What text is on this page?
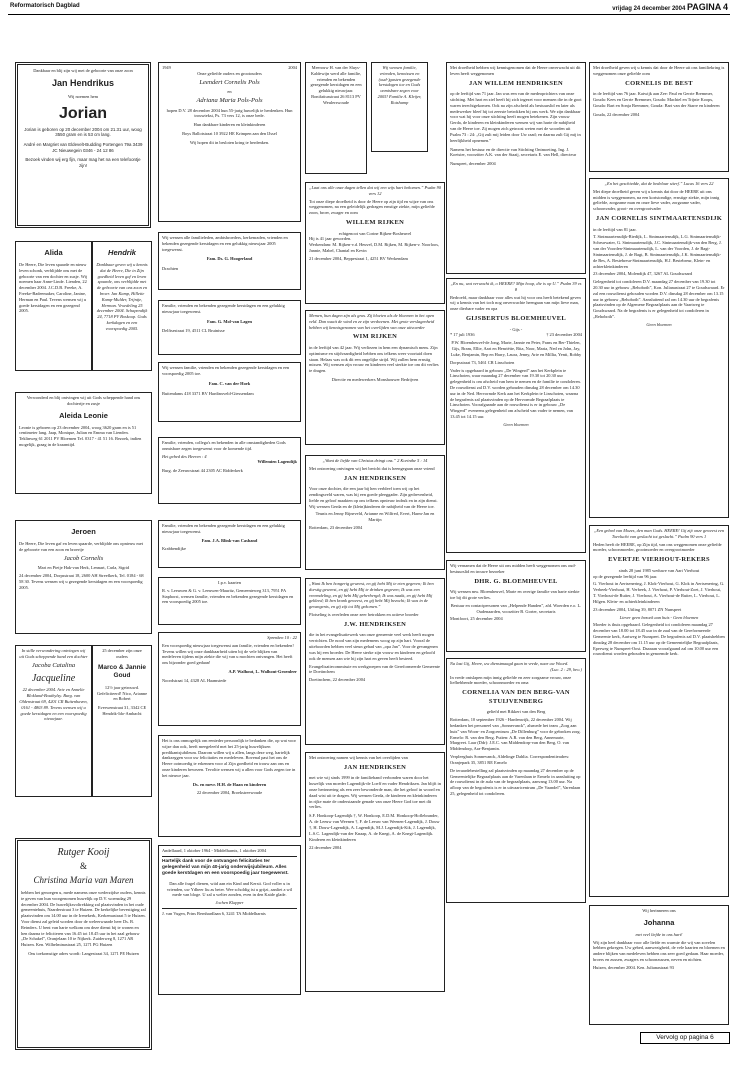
Reformatorisch Dagblad	vrijdag 24 december 2004 PAGINA 4
Dankbaar en blij zijn wij met de geboorte van onze zoon
Jan Hendrikus
Wij noemen hem
Jorian
Jorian is geboren op 20 december 2004 om 21.31 uur, woog 3550 gram en is 53 cm lang.
André en Margriet van Eldevelt-Budding Portengen 79a 3439 JC Nieuwegein 0346 - 24 12 86
Bezoek vinden wij erg fijn, maar mag het na een telefoontje zijn!
1949	2004
Onze geliefde ouders en grootouders
Leendert Cornelis Pols
en
Adriana Maria Pols-Pols
hopen D.V. 28 december 2004 hun 55-jarig huwelijk te herdenken. Hun trouwtekst, Ps. 73 vers 12, is onze bede.
Hun dankbare kinderen en kleinkinderen
Boys Ballotstraat 10 3922 HE Krimpen aan den IJssel
Wij hopen dit in besloten kring te herdenken.
Meerouw H. van der Sluys-Kaldewijn werd alle familie, vrienden en bekenden gezegende kerstdagen en een gelukkig nieuwjaar. Bonifatiusstraat 26 8113 PV Weulerswoude
Wij wensen familie, vrienden, kennissen en (oud-)gasten gezegende kerstdagen toe en Gods onmisbare zegen voor 2005! Familie A. Kleijer, Rotshamp
Met droefheid hebben wij kennisgenomen dat de Heere onverwacht uit dit leven heeft weggenomen
JAN WILLEM HENDRIKSEN
op de leeftijd van 71 jaar. Jan was een van de medeoprichters van onze stichting. Met hart en ziel heeft hij zich ingezet voor mensen die in de goot waren terechtgekomen. Ook na zijn afscheid als bestuurslid en later als medewerker bleef hij tot zeerste betrokken bij ons werk. We zijn dankbaar voor wat hij voor onze stichting heeft mogen betekenen. Zijn vrouw Gerda, de kinderen en kleinkinderen wensen wij van harte de nabijheid van de Heere toe. Zij mogen zich getroost weten met de woorden uit Psalm 73 : 24: „Gij zult mij leiden door Uw raad; en daarna zult Gij mij in heerlijkheid opnemen.”
Namens het bestuur en de directie van Stichting Ontmoeting, Ing. J. Koetsier, voorzitter A.K. van der Staaij, secretaris E. van Hell, directeur
Nunspeet, december 2004
Met droefheid geven wij u kennis dat door de Heere uit ons familiekring is weggenomen onze geliefde oom
CORNELIS DE BEST
in de leeftijd van 76 jaar. Katwijk aan Zee: Paul en Gerrie Bremmer, Gouda: Kees en Gerrie Bremmer, Gouda: Machiel en Trijnie Koops, Gouda: Bart en Sonja Bremmer, Gouda: Bart van der Starre en kinderen
Gouda, 22 december 2004
Alida
De Heere, Die leven spaarde en nieuw leven schonk, verblijdde ons met de geboorte van een dochter en zusje. Wij noemen haar Anne-Linde. Lienden, 22 december 2004. J.C.D.B. Freeke, A. Freeke-Badeemaker, Caroline, Janine, Herman en Paul. Tevens wensen wij u goede kerstdagen en een gezegend 2005.
Hendrik
Dankbaar geven wij u kennis dat de Heere, Die in Zijn goedheid leven gaf en leven spaarde, ons verblijdde met de geboorte van ons zoon en broer. Jan Kamp, Hilletie Kamp-Mulder, Trijntje, Herman. Vroedeling 25 december 2004. Schapendijk 24, 7718 PV Boskoop. Gods kerkdagen en een voorspoedig 2005.
Wij wensen alle familieleden, ambtsbroeders, kerkenraden, vrienden en bekenden gezegende kerstdagen en een gelukkig nieuwjaar 2005 toegewenst.
Fam. Ds. G. Hoogerland
Drachten
Familie, vrienden en bekenden gezegende kerstdagen en een gelukkig nieuwjaar toegewenst.
Fam. G. Mol-van Lagen
Delftsestraat 19, 4511 CL Bruinisse
Wij wensen familie, vrienden en bekenden gezegende kerstdagen en een voorspoedig 2005 toe.
Fam. C. van der Hoek
Buitendams 418 3371 BV Hardinxveld-Giessendam
„Laat ons alle onze dagen tellen dat wij een wijs hart bekomen.” Psalm 90 vers 12
Tot onze diepe droefheid is door de Heere op zijn tijd en wijze van ons weggenomen, na een geleidelijk gedragen ernstige ziekte, mijn geliefde zoon, broer, zwager en oom
WILLEM RIJKEN
echtgenoot van Corine Rijken-Bosheuvel
Hij is 41 jaar geworden.
Werkendam: M. Rijken-v.d. Heuvel, D.M. Rijken, M. Rijken-v. Noorloos, Jannie, Mabel, Chantal en Kevin
21 december 2004, Beppestraat 1, 4251 BV Werkendam
Verwonderd en blij ontvingen wij uit Gods scheppende hand ons dochtertje en zusje
Aleida Leonie
Leonie is geboren op 23 december 2004, woog 3620 gram en is 51 centimeter lang. Jaap, Monique, Julian en Emma van Lienden. Teklinweg 61 2011 PV Bloemen Tel. 0317 - 41 51 16. Bezoek, indien mogelijk, graag in de kraamtijd.	Familie, vrienden, collega's en bekenden in alle omstandigheden Gods onmisbare zegen toegewenst voor de komende tijd.
Het gebed des Heeren : 4
Willemien Lagendijk
Burg. de Zeeuwstraat 44 2305 AC Ridderkerk
Memen, hun dagen zijn als gras. Zij bloeien als de bloemen in het open veld. Dan waait de wind en ze zijn verdwenen. Met grote verslagenheid hebben wij kennisgenomen van het overlijden van onze uitvoerder
WIM RIJKEN
in de leeftijd van 42 jaar. Wij verliezen in hem een dynamisch mens. Zijn optimisme en stijdvaardigheid hebben ons telkens weer voortuid doen staan. Helaas was ook dit een ongelijke strijd. Wij zullen hem ernstig missen. Wij wensen zijn vrouw en kinderen veel sterkte toe om dit verlies te dragen.
Directie en medewerkers Monshouwer Bedrijven
Jeroen
De Heere, Die leven gaf en leven spaarde, verblijdde ons opnieuw met de geboorte van een zoon en broertje
Jacob Cornelis
Mari en Pietje Hak-van Herk, Lennart, Carla, Sigrid
24 december 2004, Dorpsstraat 18, 2600 AH Streefkerk, Tel. 0184 - 68 58 30. Tevens wensen wij u gezegende kerstdagen en een voorspoedig 2005.
Familie, vrienden en bekenden gezegende kerstdagen en een gelukkig nieuwjaar toegewenst.
Fam. J.A. Blink-van Casband
Krabbendijke
I.p.v. kaarten
R. v. Leeuwen & G. v. Leeuwen-Mauritz, Gemeenteweg 313, 7951 PA Staphorst, wensen familie, vrienden en bekenden gezegende kerstdagen en een voorspoedig 2005 toe.
„Want de liefde van Christus dringt ons.” 2 Korinthe 5 : 14
Met ontroering ontvingen wij het bericht dat is heengegaan onze vriend
JAN HENDRIKSEN
Voor onze dochter, die een jaar bij hen verbleef toen wij op het zendingsveld waren, was hij een goede pleeggader. Zijn gedrevenheid, liefde en geloof maakten op ons telkens opnieuw indruk en in zijn dienst. Wij wensen Gerda en de (klein)kinderen de nabijheid van de Heere toe.
Teunis en Jenny Rijneveld, Arianne en Wilfred, Evert, Harm-Jan en Martijn
Rotterdam, 23 december 2004
„En nu, wat verwacht ik, o HEERE? Mijn hoop, die is op U.” Psalm 39 vs 8
Bedroefd, maar dankbaar voor alles wat hij voor ons heeft betekend geven wij u kennis van het toch nog onverwachte heengaan van mijn lieve man, onze dierbare vader en opa
GIJSBERTUS BLOEMHEUVEL
- Gijs -
* 17 juli 1936	† 23 december 2004
P.W. Bloemheuvel-de Jong, Marie, Jannie en Peter, Frans en Ber-Thielen, Gijs, Bram, Ellie, Aart en Henriëtte, Rita, Noor, Maria, Ned en John, Jay, Luke, Benjamin, Bep en Harry, Laura, Jenny, Arie en Millia, Yenti, Robby
Dorpsstraat 73, 5461 CR Linschoten
Vader is opgebaard in gebouw „De Wingerd” aan het Kerkplein te Linschoten, waar maandag 27 december van 19.30 tot 20.30 uur gelegenheid is om afscheid van hem te nemen en de familie te condoleren. De rouwdienst zal D.V. worden gehouden dinsdag 28 december om 14.30 uur in de Ned. Hervormde Kerk aan het Kerkplein te Linschoten, waarna de begrafenis zal plaatsvinden op de Hervormde Begraafplaats te Linschoten. Voorafgaande aan de rouwdienst is er in gebouw „De Wingerd” eveneens gelegenheid om afscheid van vader te nemen, van 13.45 tot 14.15 uur.
Geen bloemen
„En het geschiedde, dat de bedelaar stierf.” Lucas 16 vers 22
Met diepe droefheid geven wij u kennis dat door de HEERE uit ons midden is weggenomen, na een kortstondige, ernstige ziekte, mijn innig geliefde, zorgzame man en onze lieve vader, zorgzame vader, schoonvader, groot- en overgrootvader
JAN CORNELIS SINTMAARTENSDIJK
in de leeftijd van 81 jaar.
T. Sintmaartensdijk-Riedijk, L. Sintmaartensdijk, L.G. Sintmaartensdijk-Scheurwater, G. Sintmaartensdijk, J.C. Sintmaartensdijk-van den Berg, J. van der Voorden-Sintmaartensdijk, L. van der Voorden, J. de Bagt-Sintmaartensdijk, J. de Bagt, B. Sintmaartensdijk, J.K. Sintmaartensdijk-de Bes, A. Bestebreur-Sintmaartensdijk, H.J. Bestebreur, Klein- en achterkleinkinderen
23 december 2004, Molendijk 47, 3267 AL Goudswaard
Gelegenheid tot condoleren D.V. maandag 27 december van 19.30 tot 20.30 uur in gebouw „Rehoboth”, Kon. Julianastraat 27 te Goudswaard. Er zal een rouwdienst gehouden worden D.V. dinsdag 28 december om 13.15 uur in gebouw „Rehoboth”. Aansluitend zal om 14.30 uur de begrafenis plaatsvinden op de Algemene Begraafplaats aan de Vaartweg te Goudswaard. Na de begrafenis is er gelegenheid tot condoleren in „Rehoboth”.
Geen bloemen
„Want Ik ben hongerig geweest, en gij hebt Mij te eten gegeven; Ik ben dorstig geweest, en gij hebt Mij te drinken gegeven; Ik was een vreemdeling, en gij hebt Mij geherbergd; Ik was naakt, en gij hebt Mij gekleed; Ik ben krank geweest, en gij hebt Mij bezocht; Ik was in de gevangenis, en gij zijt tot Mij gekomen.”
Plotseling is overleden onze zeer betrokken en actieve broeder
J.W. HENDRIKSEN
die in het evangelisatiewerk van onze gemeente veel werk heeft mogen verrichten. De nood van zijn medemens woog op zijn hart. Vooral de uiteboorden hebben veel steun gehad van „opa Jan”. Voor de gevangenen was hij een broeder. De Heere sterke zijn vrouw en kinderen en geloofd ook de mensen aan wie hij zijn hart en geven heeft besteed.
Evangelisatiecommissie en werkgroepen van de Gereformeerde Gemeente te Doetinchem
Doetinchem, 22 december 2004
Sprenken 10 : 22
Een voorspoedig nieuwjaar toegewenst aan familie, vrienden en bekenden! Tevens willen wij onze dankbaarheid uiten bij de vele blijken van medeleven tijdens mijn ziekte die wij van u mochten ontvangen. Het heeft ons bijzonder goed gedaan!
A.P. Walhout, L. Walhout-Groenleer
Noordstraat 14, 4328 AL Haamstede
Wij vernamen dat de Heere uit ons midden heeft weggenomen ons oud-bestuurslid en trouwe bezoeker
DHR. G. BLOEMHEUVEL
Wij wensen mw. Bloemheuvel, Marie en overige familie van harte sterkte toe bij dit grote verlies.
Bestuur en contactpersonen van „Helpende Handen”, afd. Woerden e.o. L. Oudenaarden, voorzitter B. Gorter, secretaris
Montfoort, 25 december 2004
In stille verwondering ontvingen wij uit Gods scheppende hand een dochter
Jacoba Catalina
Jacqueline
22 december 2004. Arie en Annelie Blokland-Bouthylsy. Burg. van Oldenstraat 69, 4201 CR Buitenhaven, 0161 - 4803 89. Tevens wensen wij u goede kerstdagen en een voorspoedig nieuwjaar.
25 december zijn onze ouders
Marco & Jannie Goud
12½ jaar getrouwd. Gefeliciteerd! Nico, Arianne en Robert
Everwenstraat 31, 3342 CE Hendrik-Ido-Ambacht
Het is ons onmogelijk om eenieder persoonlijk te bedanken die, op wat voor wijze dan ook, heeft meegeleefd met het 25-jarig huwelijksen predikantsjubileum. Daarom willen wij u allen, langs deze weg, hartelijk dankzeggen voor uw felicitaties en medeleven. Bovenal past het ons de Heere ootmoedig te erkennen voor al Zijn goedheid en trouw aan ons en onze kinderen bewezen. Tevoltte wensen wij u allen voor Gods zegen toe in het nieuwe jaar.
Ds. en mevr. H.H. de Haan en kinderen
22 december 2004, Broekstreewoude
Met ontroering namen wij kennis van het overlijden van
JAN HENDRIKSEN
met wie wij sinds 1999 in de familieband verbonden waren door het huwelijk van moeder Lagendijk-de Loeff en vader Hendriksen. Jan blijft in onze herinnering als een zeer bewonderde man, die het geloof in woord en daad wist uit te dragen. Wij wensen Gerda, de kinderen en kleinkinderen in rijke mate de onderstaande genade van onze Heere God toe met dit verlies.
S.F. Honkoop-Lagendijk †, W. Honkoop, E.D.M. Honkoop-Hoflebrander, A. de Leeuw van Weenen †, F. de Leeuw van Weenen-Lagendijk, J. Douw †, H. Douw-Lagendijk, A. Lagendijk, M.J. Lagendijk-Kik, J. Lagendijk, L.S.C. Lagendijk-van der Knaap, A. de Knegt, A. de Knegt-Lagendijk. Kinderen en kleinkinderen
22 december 2004
Na last Gij, Heere, uw dienstmaagd gaan in vrede, naar uw Woord.
(Luc. 2 : 29, beo.)
In vrede ontslapen mijn innig geliefde en zeer zorgzame vrouw, onze liefhebbende moeder, schoonmoeder en oma
CORNELIA VAN DEN BERG-VAN STUIJVENBERG
geliefd met Rikkert van den Berg
Rotterdam, 10 september 1926 - Hardenwijk, 22 december 2004. Wij bedanken het personeel van „Sonnevanck”, alsmede het team „Zorg aan huis” van Woon- en Zorgcentrum „De Dillenburg” voor de gebroken zorg. Ermelo: R. van den Berg. Putten: A.R. van den Berg, Annemarie, Margreet. Laar (Ddr): J.E.C. van Middendorp-van den Berg, O. van Middendorp, Ara-Benjamin.
Verpleeghuis Sonnevanck, Aldelinge Dahlia. Correspondentieadres: Oranjepark 35, 3851 RE Ermelo
De teraardebestelling zal plaatsvinden op maandag 27 december op de Gemeentelijke Begraafplaats aan de Varenlaan te Ermelo in aansluiting op de rouwdienst in de aula van de begraafplaats, aanvang 13.00 uur. Na afloop van de begrafenis is er in uitvaartcentrum „De Vaandel”, Varenlaan 25, gelegenheid tot condoleren.
„Een gebed van Mozes, den man Gods. HEERE! Gij zijt onze geweest een Toevlucht van geslacht tot geslacht.” Psalm 90 vers 1
Heden heeft de HEERE, op Zijn tijd, van ons weggenomen onze geliefde moeder, schoonmoeder, grootmoeder en overgrootmoeder
EVERTJE VIERHOUT-REKERS
sinds 28 juni 1985 weduwe van Aart Vierhout
op de gezegende leeftijd van 96 jaar.
G. Vierhout in Aertsenering, J. Klok-Vierhout, G. Klok in Aertsenering, G. Verbeek-Vierhout, H. Verbeek, J. Vierhout, P. Vierhout-Zoet, J. Vierhout, T. Vierhout-de Ruiter, J. Vierhout, A. Vierhout-de Ruiter, L. Vierhout, L. Hilgen. Klein- en achterkleinkinderen
23 december 2004, Uitling 39, 8071 ZN Nunspeet
Liever geen bezoek aan huis - Geen bloemen
Moeder is thuis opgebaard. Gelegenheid tot condoleren maandag 27 december van 18.00 tot 18.45 uur in de zaal van de Gereformeerde Gemeente kerk, Aartweg te Nunspeet. De begrafenis zal D.V. plaatshebben dinsdag 28 december om 11.15 uur op de Gemeentelijke Begraafplaats, Eperweg te Nunspeet-Oost. Daaraan voorafgaand zal om 10.00 uur een rouwdienst worden gehouden in genoemde kerk.
Rutger Kooij
&
Christina Maria van Maren
hebben het genoegen u, mede namens onze wederzijdse ouders, kennis te geven van hun voorgenomen huwelijk op D.V. woensdag 29 december 2004. De huwelijksvoltrekking zal plaatsvinden in het oude gemeentehuis, Naarderstraat 3 te Huizen. De kerkelijke bevestiging zal plaatsvinden om 14.00 uur in de Irenekerk, Kerkemastraat 5 te Huizen. Voor dienst zal geleid worden door de weleerwaarde heer Ds. B. Reinders. U bent van harte welkom om deze dienst bij te wonen en hen daarna te feliciteren van 16.45 tot 18.45 uur in het zaal gebouw „De Schakel”, Oranjelaan 10 te Nijkerk. Zuiderweg 8, 1271 AR Huizen. Ken. Wilhelminastraat 25, 1271 PG Huizen
Ons toekomstige adres wordt: Langestraat 34, 1271 PE Huizen
Andellaard, 1 oktober 1964 - Middelharnis, 1 oktober 2004
Hartelijk dank voor de ontvangen felicitaties ter gelegenheid van mijn 40-jarig onderwijsjubileum. Alles goede kerstdagen en een voorspoedig jaar toegewenst.
Dan alle fragel dienen, wiid aan ein Kind and Kersti. God voller u in vrienden, uw Ydheer liu as beter. Wee scholdig ist u grijzi, aanliet a wil mede van bloge. U zal u welter zonden, even in den Kaide glade.
Jochen Klapper
J. van Vugen, Prins Bernhardlaan 6, 3241 TA Middelharnis
Wij herinneren ons
Johanna
met veel liefde in ons hart!
Wij zijn heel dankbaar voor alle liefde en warmte die wij van zovelen hebben gekregen. Uw gebed, aanwezigheid, de vele kaarten en bloemen en andere blijken van medeleven hebben ons zeer goed gedaan. Haar moeder, broers en zussen, zwagers en schoonzussen, neven en nichten.
Huizen, december 2004. Ken. Julianastraat 93
Vervolg op pagina 6
